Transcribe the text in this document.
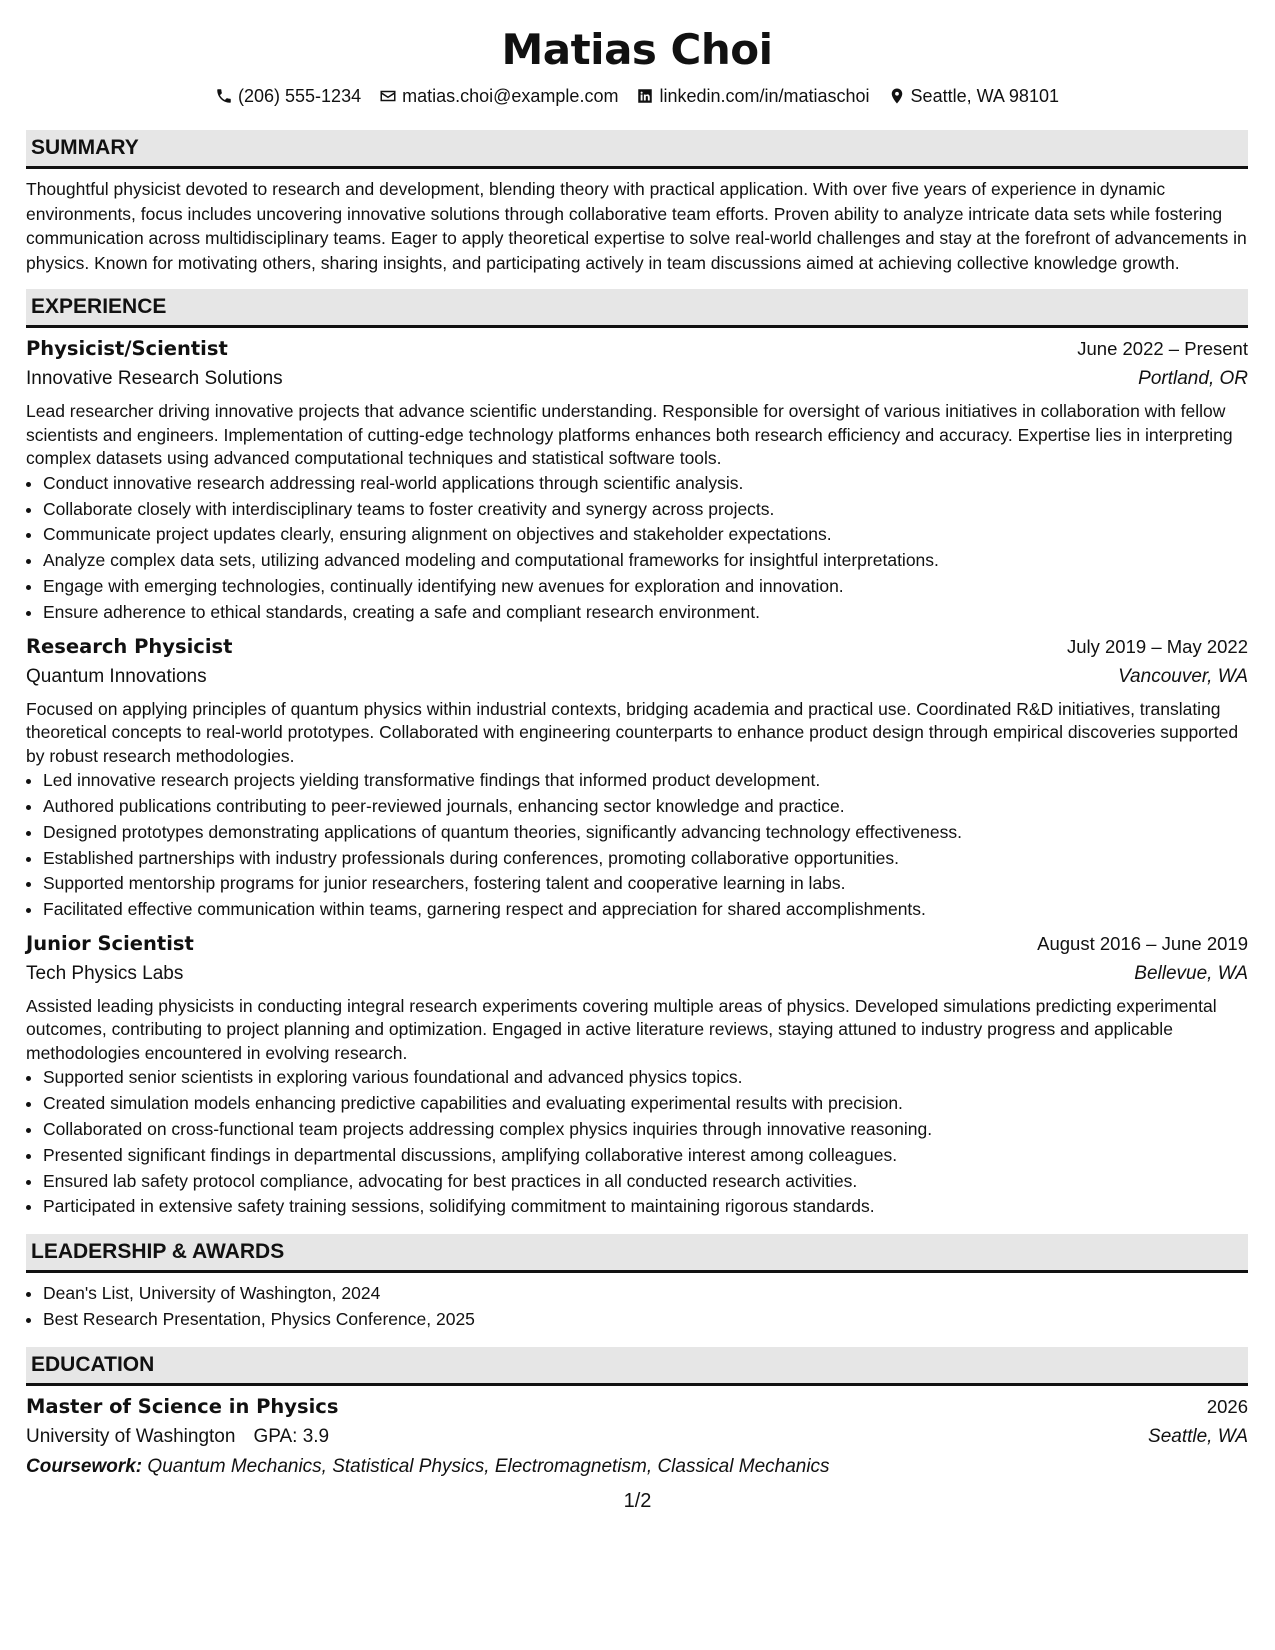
Matias Choi
(206) 555-1234 matias.choi@example.com linkedin.com/in/matiaschoi Seattle, WA 98101
SUMMARY

Thoughtful physicist devoted to research and development, blending theory with practical application. With over five years of experience in dynamic environments, focus includes uncovering innovative solutions through collaborative team efforts. Proven ability to analyze intricate data sets while fostering communication across multidisciplinary teams. Eager to apply theoretical expertise to solve real-world challenges and stay at the forefront of advancements in physics. Known for motivating others, sharing insights, and participating actively in team discussions aimed at achieving collective knowledge growth.

EXPERIENCE
Physicist/Scientist	June 2022 – Present
Innovative Research Solutions	Portland, OR

Lead researcher driving innovative projects that advance scientific understanding. Responsible for oversight of various initiatives in collaboration with fellow scientists and engineers. Implementation of cutting-edge technology platforms enhances both research efficiency and accuracy. Expertise lies in interpreting complex datasets using advanced computational techniques and statistical software tools.

• Conduct innovative research addressing real-world applications through scientific analysis.
• Collaborate closely with interdisciplinary teams to foster creativity and synergy across projects.
• Communicate project updates clearly, ensuring alignment on objectives and stakeholder expectations.
• Analyze complex data sets, utilizing advanced modeling and computational frameworks for insightful interpretations.
• Engage with emerging technologies, continually identifying new avenues for exploration and innovation.
• Ensure adherence to ethical standards, creating a safe and compliant research environment.
Research Physicist	July 2019 – May 2022
Quantum Innovations	Vancouver, WA

Focused on applying principles of quantum physics within industrial contexts, bridging academia and practical use. Coordinated R&D initiatives, translating theoretical concepts to real-world prototypes. Collaborated with engineering counterparts to enhance product design through empirical discoveries supported by robust research methodologies.

• Led innovative research projects yielding transformative findings that informed product development.
• Authored publications contributing to peer-reviewed journals, enhancing sector knowledge and practice.
• Designed prototypes demonstrating applications of quantum theories, significantly advancing technology effectiveness.
• Established partnerships with industry professionals during conferences, promoting collaborative opportunities.
• Supported mentorship programs for junior researchers, fostering talent and cooperative learning in labs.
• Facilitated effective communication within teams, garnering respect and appreciation for shared accomplishments.
Junior Scientist	August 2016 – June 2019
Tech Physics Labs	Bellevue, WA

Assisted leading physicists in conducting integral research experiments covering multiple areas of physics. Developed simulations predicting experimental outcomes, contributing to project planning and optimization. Engaged in active literature reviews, staying attuned to industry progress and applicable methodologies encountered in evolving research.

• Supported senior scientists in exploring various foundational and advanced physics topics.
• Created simulation models enhancing predictive capabilities and evaluating experimental results with precision.
• Collaborated on cross-functional team projects addressing complex physics inquiries through innovative reasoning.
• Presented significant findings in departmental discussions, amplifying collaborative interest among colleagues.
• Ensured lab safety protocol compliance, advocating for best practices in all conducted research activities.
• Participated in extensive safety training sessions, solidifying commitment to maintaining rigorous standards.
LEADERSHIP & AWARDS
• Dean's List, University of Washington, 2024
• Best Research Presentation, Physics Conference, 2025
EDUCATION
Master of Science in Physics	2026
University of Washington GPA: 3.9	Seattle, WA
Coursework: Quantum Mechanics, Statistical Physics, Electromagnetism, Classical Mechanics
1/2
